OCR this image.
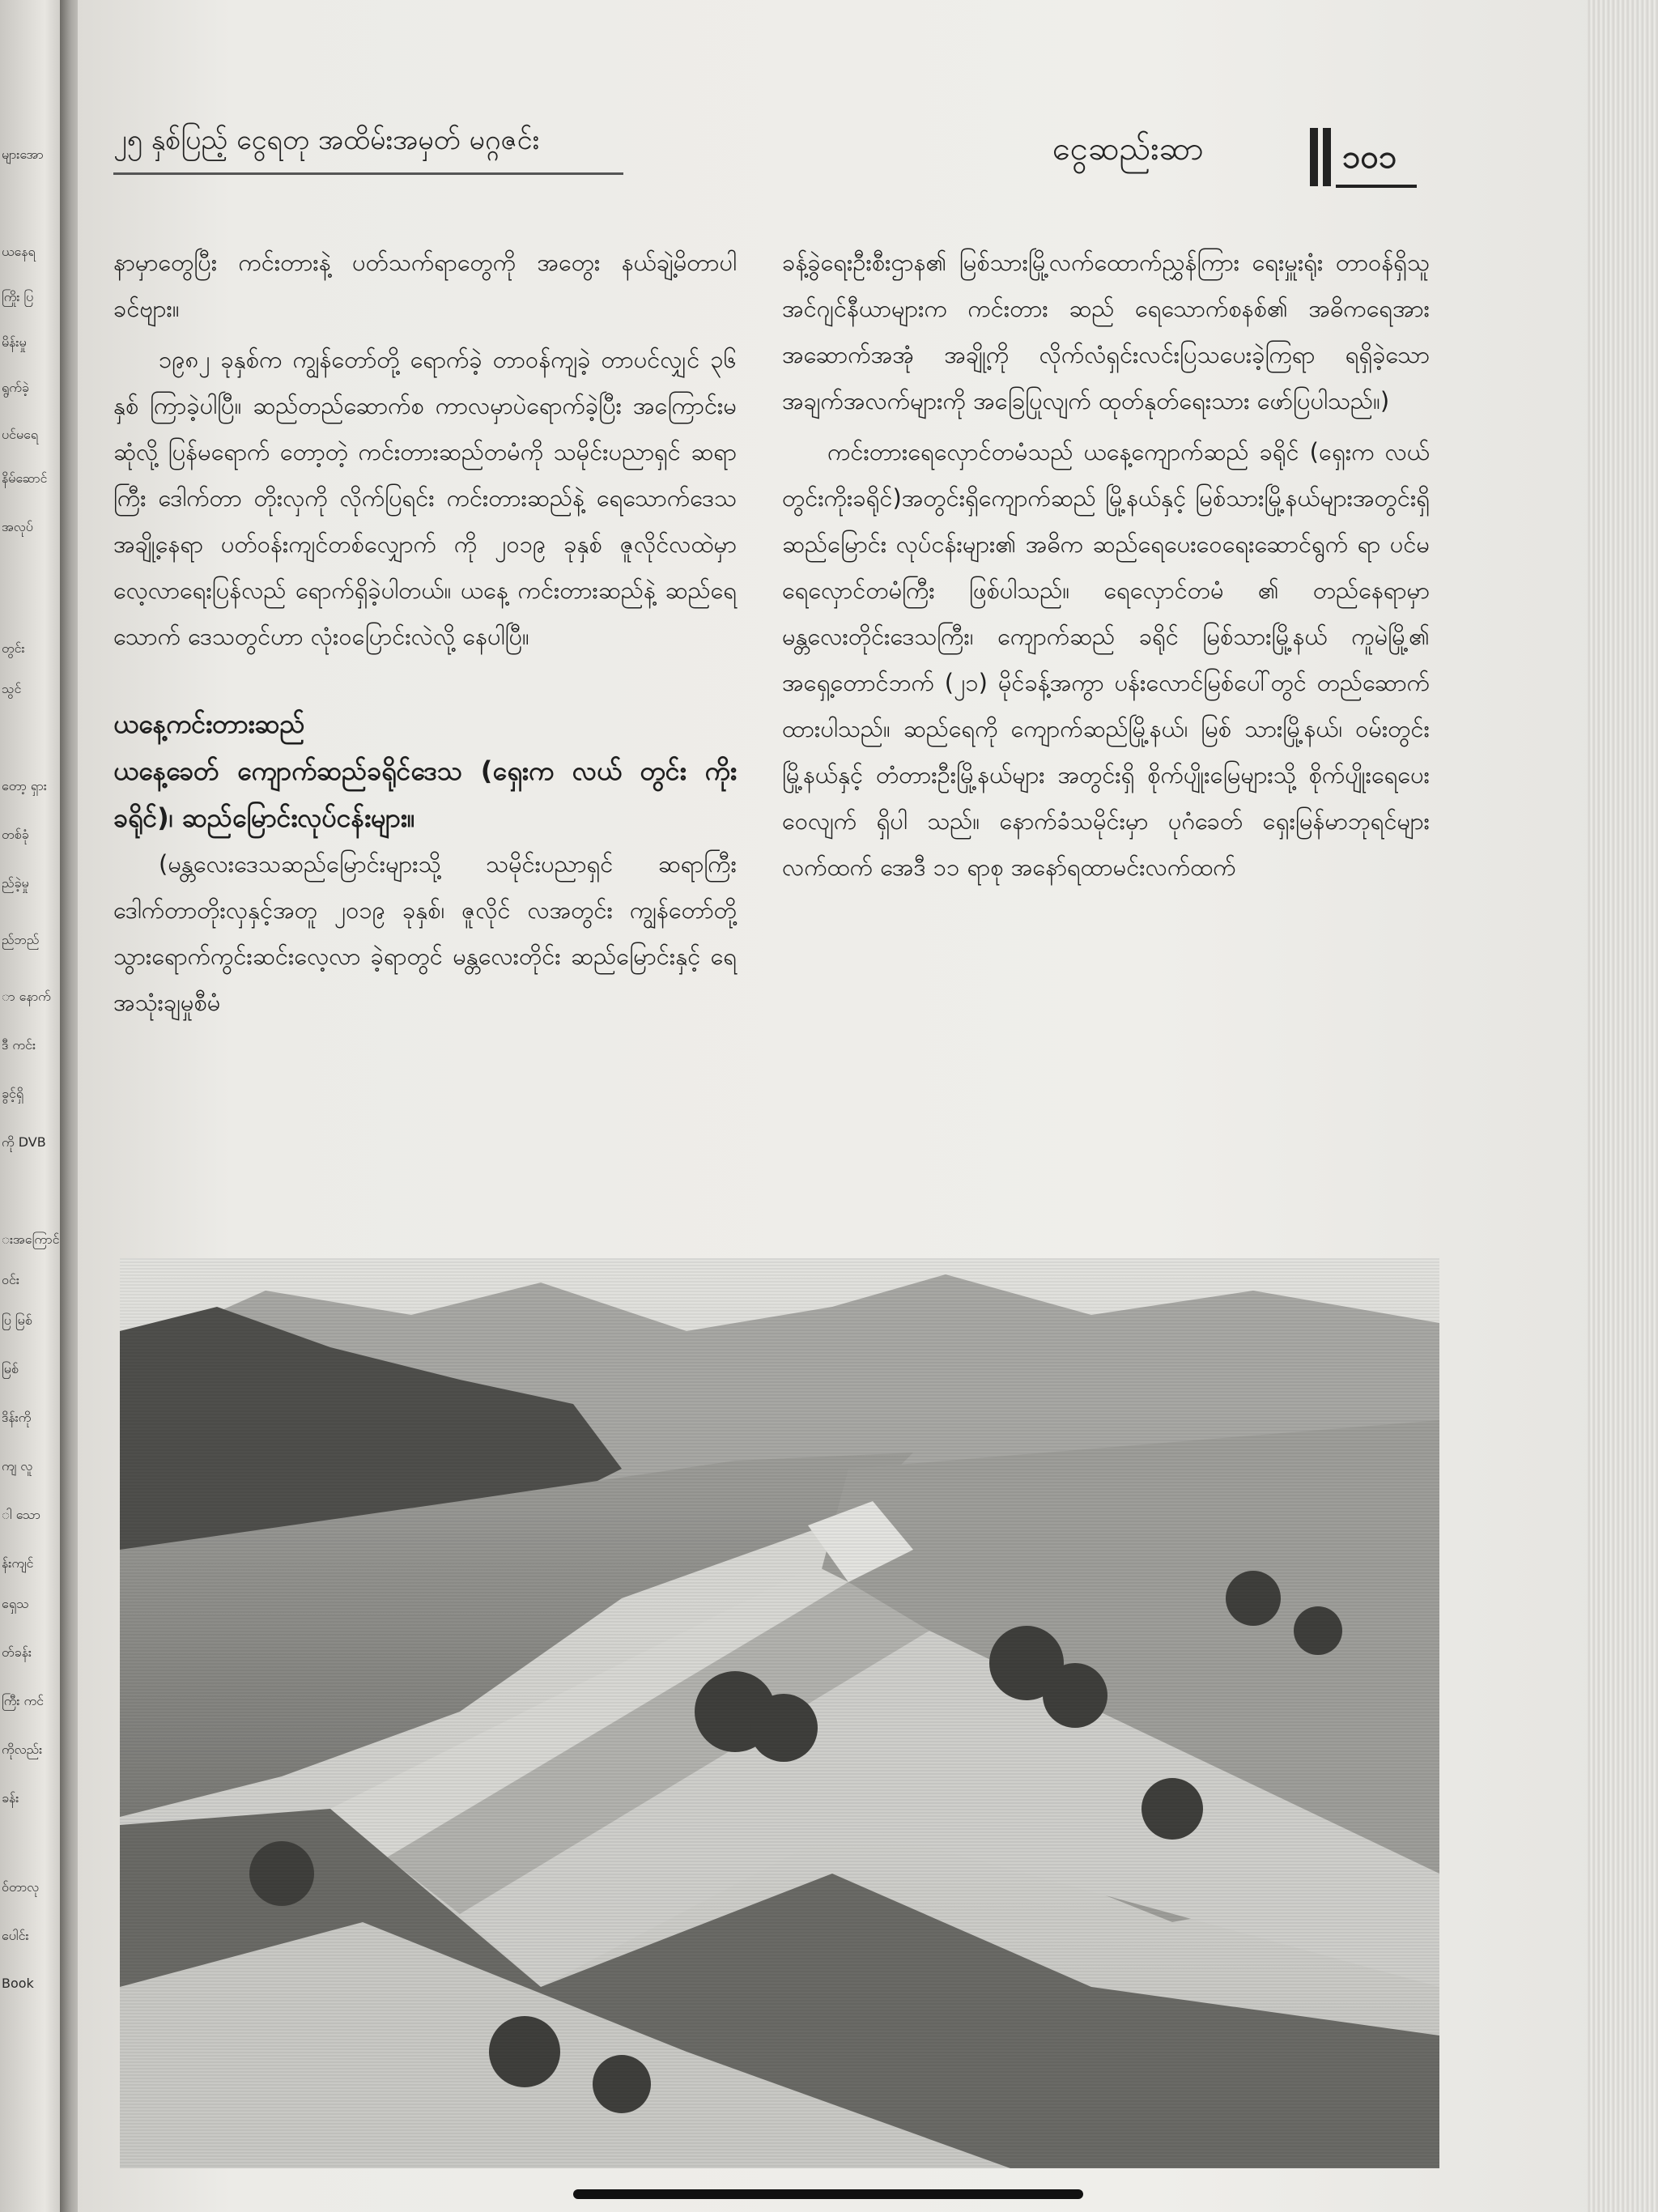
များအော
ယနေရ
ကြိုး ပြ
မိန်းမှု
ရွက်ခဲ့
ပင်မရေ
နိမ်ဆောင်
အလုပ်
တွင်း
သွင်
တော့ ရှား
တစ်ခုံ
ည်ခဲ့မှု
ည်ဘည်
ာ နောက်
ဒီ ကင်း
ခွင့်ရှိ
ကို DVB
းအကြောင်
ဝင်း
ပြ မြစ်
မြစ်
ဒိန်းကို
ကျ လူ
ါ သော
န်းကျင်
ရှေသ
တ်ခန်း
ကြီး ကင်
ကိုလည်း
ခန်း
ဝ်တာလု
ပေါင်း
Book
၂၅ နှစ်ပြည့် ငွေရတု အထိမ်းအမှတ် မဂ္ဂဇင်း	ငွေဆည်းဆာ	၁၀၁

နာမှာတွေပြီး ကင်းတားနဲ့ ပတ်သက်ရာတွေကို အတွေး နယ်ချဲ့မိတာပါခင်ဗျား။

၁၉၈၂ ခုနှစ်က ကျွန်တော်တို့ ရောက်ခဲ့ တာဝန်ကျခဲ့ တာပင်လျှင် ၃၆ နှစ် ကြာခဲ့ပါပြီ။ ဆည်တည်ဆောက်စ ကာလမှာပဲရောက်ခဲ့ပြီး အကြောင်းမဆုံလို့ ပြန်မရောက် တော့တဲ့ ကင်းတားဆည်တမံကို သမိုင်းပညာရှင် ဆရာ ကြီး ဒေါက်တာ တိုးလှကို လိုက်ပြရင်း ကင်းတားဆည်နဲ့ ရေသောက်ဒေသအချို့နေရာ ပတ်ဝန်းကျင်တစ်လျှောက် ကို ၂၀၁၉ ခုနှစ် ဇူလိုင်လထဲမှာ လေ့လာရေးပြန်လည် ရောက်ရှိခဲ့ပါတယ်။ ယနေ့ ကင်းတားဆည်နဲ့ ဆည်ရေ သောက် ဒေသတွင်ဟာ လုံးဝပြောင်းလဲလို့ နေပါပြီ။

ယနေ့ကင်းတားဆည်

ယနေ့ခေတ် ကျောက်ဆည်ခရိုင်ဒေသ (ရှေးက လယ် တွင်း ကိုးခရိုင်)၊ ဆည်မြောင်းလုပ်ငန်းများ။

(မန္တလေးဒေသဆည်မြောင်းများသို့ သမိုင်းပညာရှင် ဆရာကြီး ဒေါက်တာတိုးလှနှင့်အတူ ၂၀၁၉ ခုနှစ်၊ ဇူလိုင် လအတွင်း ကျွန်တော်တို့ သွားရောက်ကွင်းဆင်းလေ့လာ ခဲ့ရာတွင် မန္တလေးတိုင်း ဆည်မြောင်းနှင့် ရေအသုံးချမှုစီမံ

ခန့်ခွဲရေးဦးစီးဌာန၏ မြစ်သားမြို့လက်ထောက်ညွှန်ကြား ရေးမှူးရုံး တာဝန်ရှိသူ အင်ဂျင်နီယာများက ကင်းတား ဆည် ရေသောက်စနစ်၏ အဓိကရေအားအဆောက်အအုံ အချို့ကို လိုက်လံရှင်းလင်းပြသပေးခဲ့ကြရာ ရရှိခဲ့သော အချက်အလက်များကို အခြေပြုလျက် ထုတ်နုတ်ရေးသား ဖော်ပြပါသည်။)

ကင်းတားရေလှောင်တမံသည် ယနေ့ကျောက်ဆည် ခရိုင် (ရှေးက လယ်တွင်းကိုးခရိုင်)အတွင်းရှိကျောက်ဆည် မြို့နယ်နှင့် မြစ်သားမြို့နယ်များအတွင်းရှိ ဆည်မြောင်း လုပ်ငန်းများ၏ အဓိက ဆည်ရေပေးဝေရေးဆောင်ရွက် ရာ ပင်မရေလှောင်တမံကြီး ဖြစ်ပါသည်။ ရေလှောင်တမံ ၏ တည်နေရာမှာ မန္တလေးတိုင်းဒေသကြီး၊ ကျောက်ဆည် ခရိုင် မြစ်သားမြို့နယ် ကူမဲမြို့၏ အရှေ့တောင်ဘက် (၂၁) မိုင်ခန့်အကွာ ပန်းလောင်မြစ်ပေါ်တွင် တည်ဆောက် ထားပါသည်။ ဆည်ရေကို ကျောက်ဆည်မြို့နယ်၊ မြစ် သားမြို့နယ်၊ ဝမ်းတွင်းမြို့နယ်နှင့် တံတားဦးမြို့နယ်များ အတွင်းရှိ စိုက်ပျိုးမြေများသို့ စိုက်ပျိုးရေပေးဝေလျက် ရှိပါ သည်။ နောက်ခံသမိုင်းမှာ ပုဂံခေတ် ရှေးမြန်မာဘုရင်များ လက်ထက် အေဒီ ၁၁ ရာစု အနော်ရထာမင်းလက်ထက်
